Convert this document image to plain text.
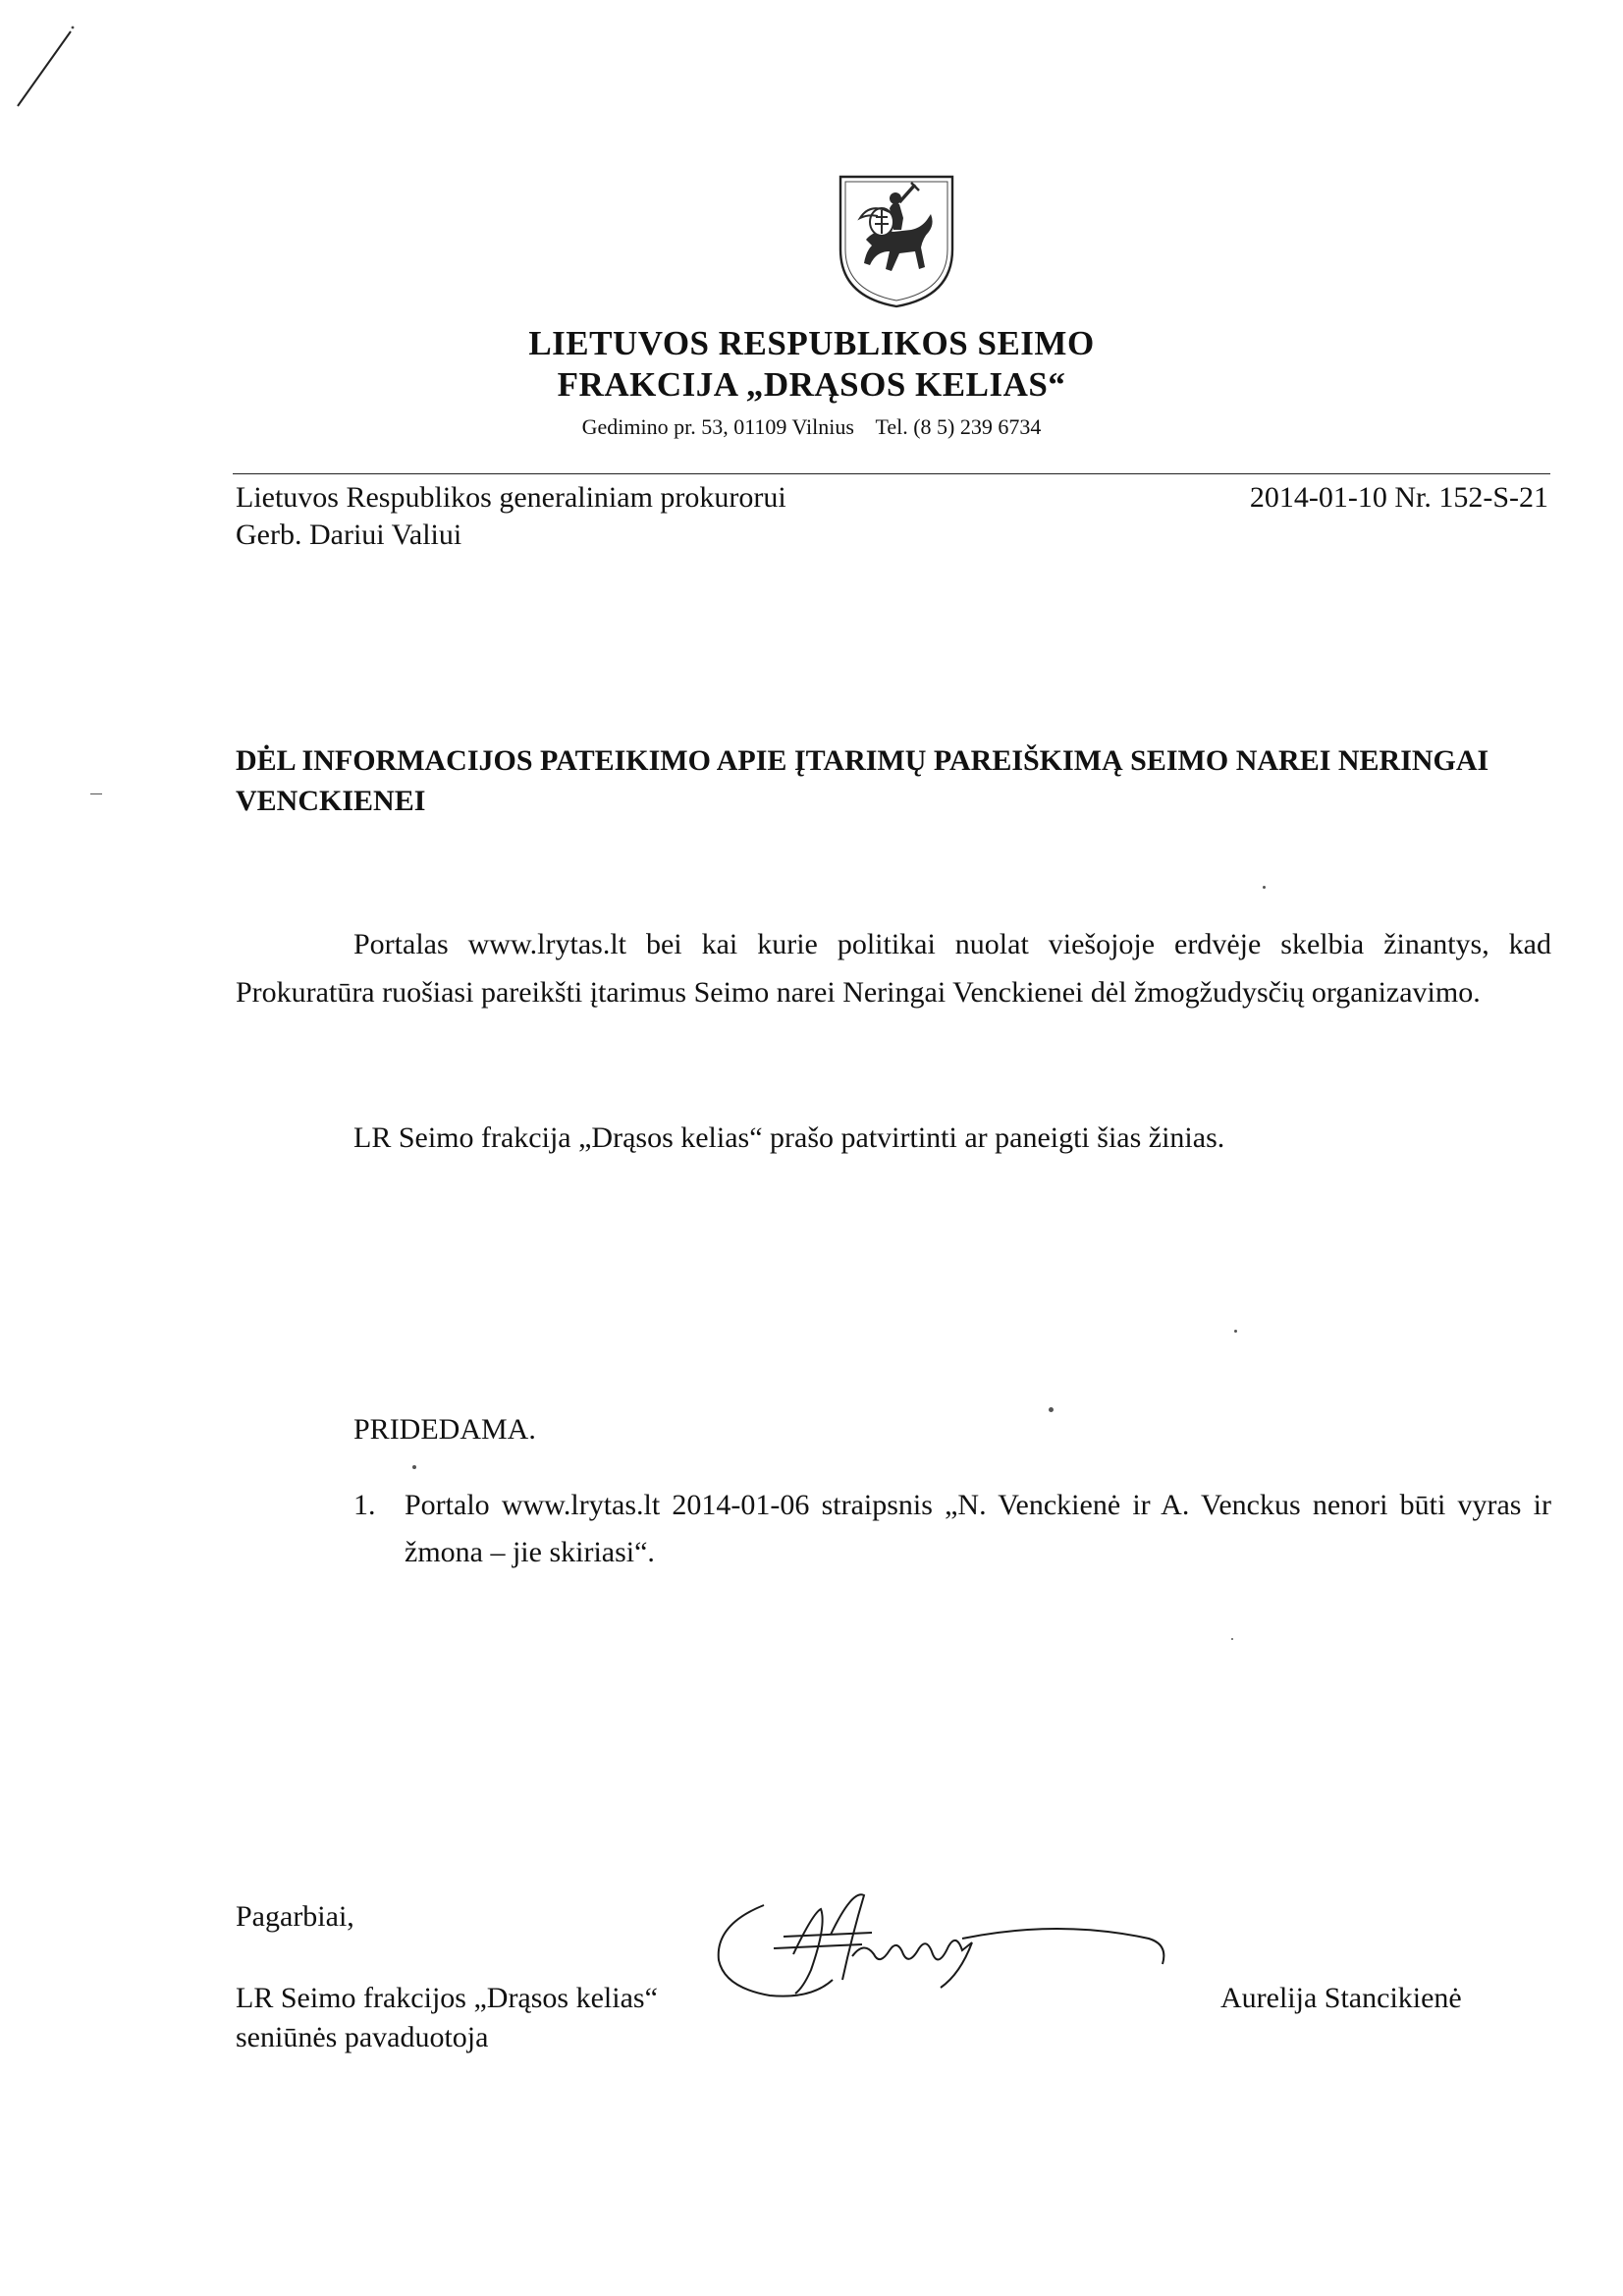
LIETUVOS RESPUBLIKOS SEIMO
FRAKCIJA „DRĄSOS KELIAS“
Gedimino pr. 53, 01109 Vilnius Tel. (8 5) 239 6734
Lietuvos Respublikos generaliniam prokurorui
Gerb. Dariui Valiui
2014-01-10 Nr. 152-S-21
DĖL INFORMACIJOS PATEIKIMO APIE ĮTARIMŲ PAREIŠKIMĄ SEIMO NAREI NERINGAI VENCKIENEI
Portalas www.lrytas.lt bei kai kurie politikai nuolat viešojoje erdvėje skelbia žinantys, kad Prokuratūra ruošiasi pareikšti įtarimus Seimo narei Neringai Venckienei dėl žmogžudysčių organizavimo.
LR Seimo frakcija „Drąsos kelias“ prašo patvirtinti ar paneigti šias žinias.
PRIDEDAMA.
1. Portalo www.lrytas.lt 2014-01-06 straipsnis „N. Venckienė ir A. Venckus nenori būti vyras ir žmona – jie skiriasi“.
Pagarbiai,
LR Seimo frakcijos „Drąsos kelias“
seniūnės pavaduotoja
Aurelija Stancikienė
